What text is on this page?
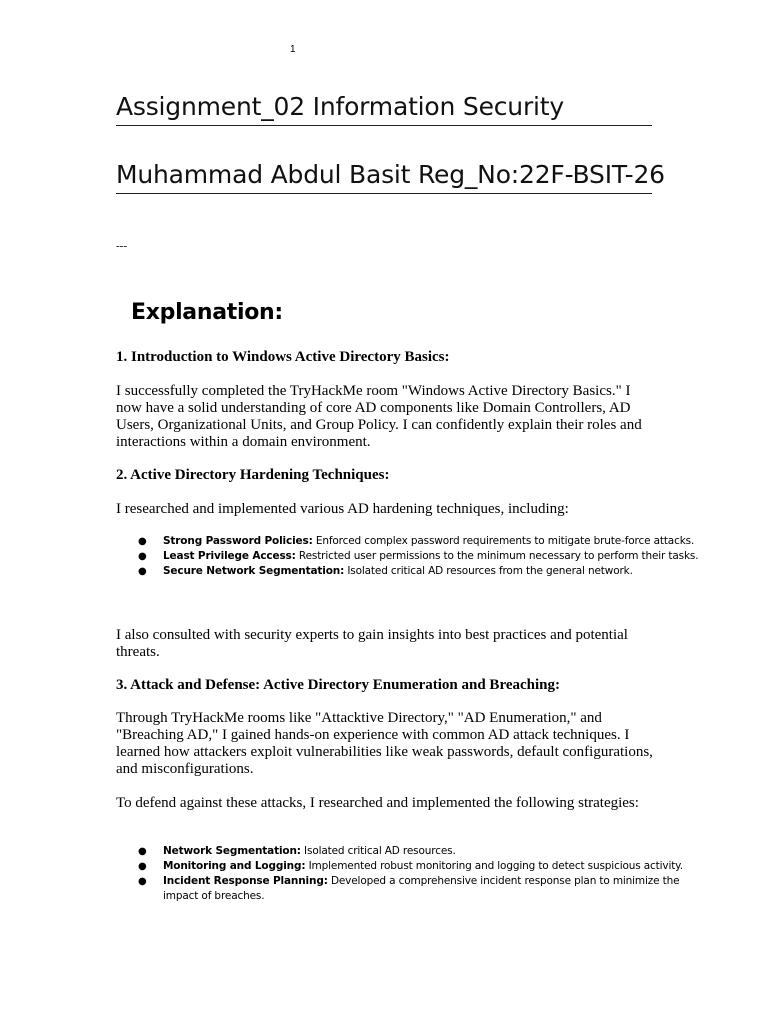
1
Assignment_02 Information Security
Muhammad Abdul Basit Reg_No:22F-BSIT-26
---
Explanation:
1. Introduction to Windows Active Directory Basics:
I successfully completed the TryHackMe room "Windows Active Directory Basics." I now have a solid understanding of core AD components like Domain Controllers, AD Users, Organizational Units, and Group Policy. I can confidently explain their roles and interactions within a domain environment.
2. Active Directory Hardening Techniques:
I researched and implemented various AD hardening techniques, including:
● Strong Password Policies: Enforced complex password requirements to mitigate brute-force attacks.
● Least Privilege Access: Restricted user permissions to the minimum necessary to perform their tasks.
● Secure Network Segmentation: Isolated critical AD resources from the general network.
I also consulted with security experts to gain insights into best practices and potential threats.
3. Attack and Defense: Active Directory Enumeration and Breaching:
Through TryHackMe rooms like "Attacktive Directory," "AD Enumeration," and "Breaching AD," I gained hands-on experience with common AD attack techniques. I learned how attackers exploit vulnerabilities like weak passwords, default configurations, and misconfigurations.
To defend against these attacks, I researched and implemented the following strategies:
● Network Segmentation: Isolated critical AD resources.
● Monitoring and Logging: Implemented robust monitoring and logging to detect suspicious activity.
● Incident Response Planning: Developed a comprehensive incident response plan to minimize the impact of breaches.
